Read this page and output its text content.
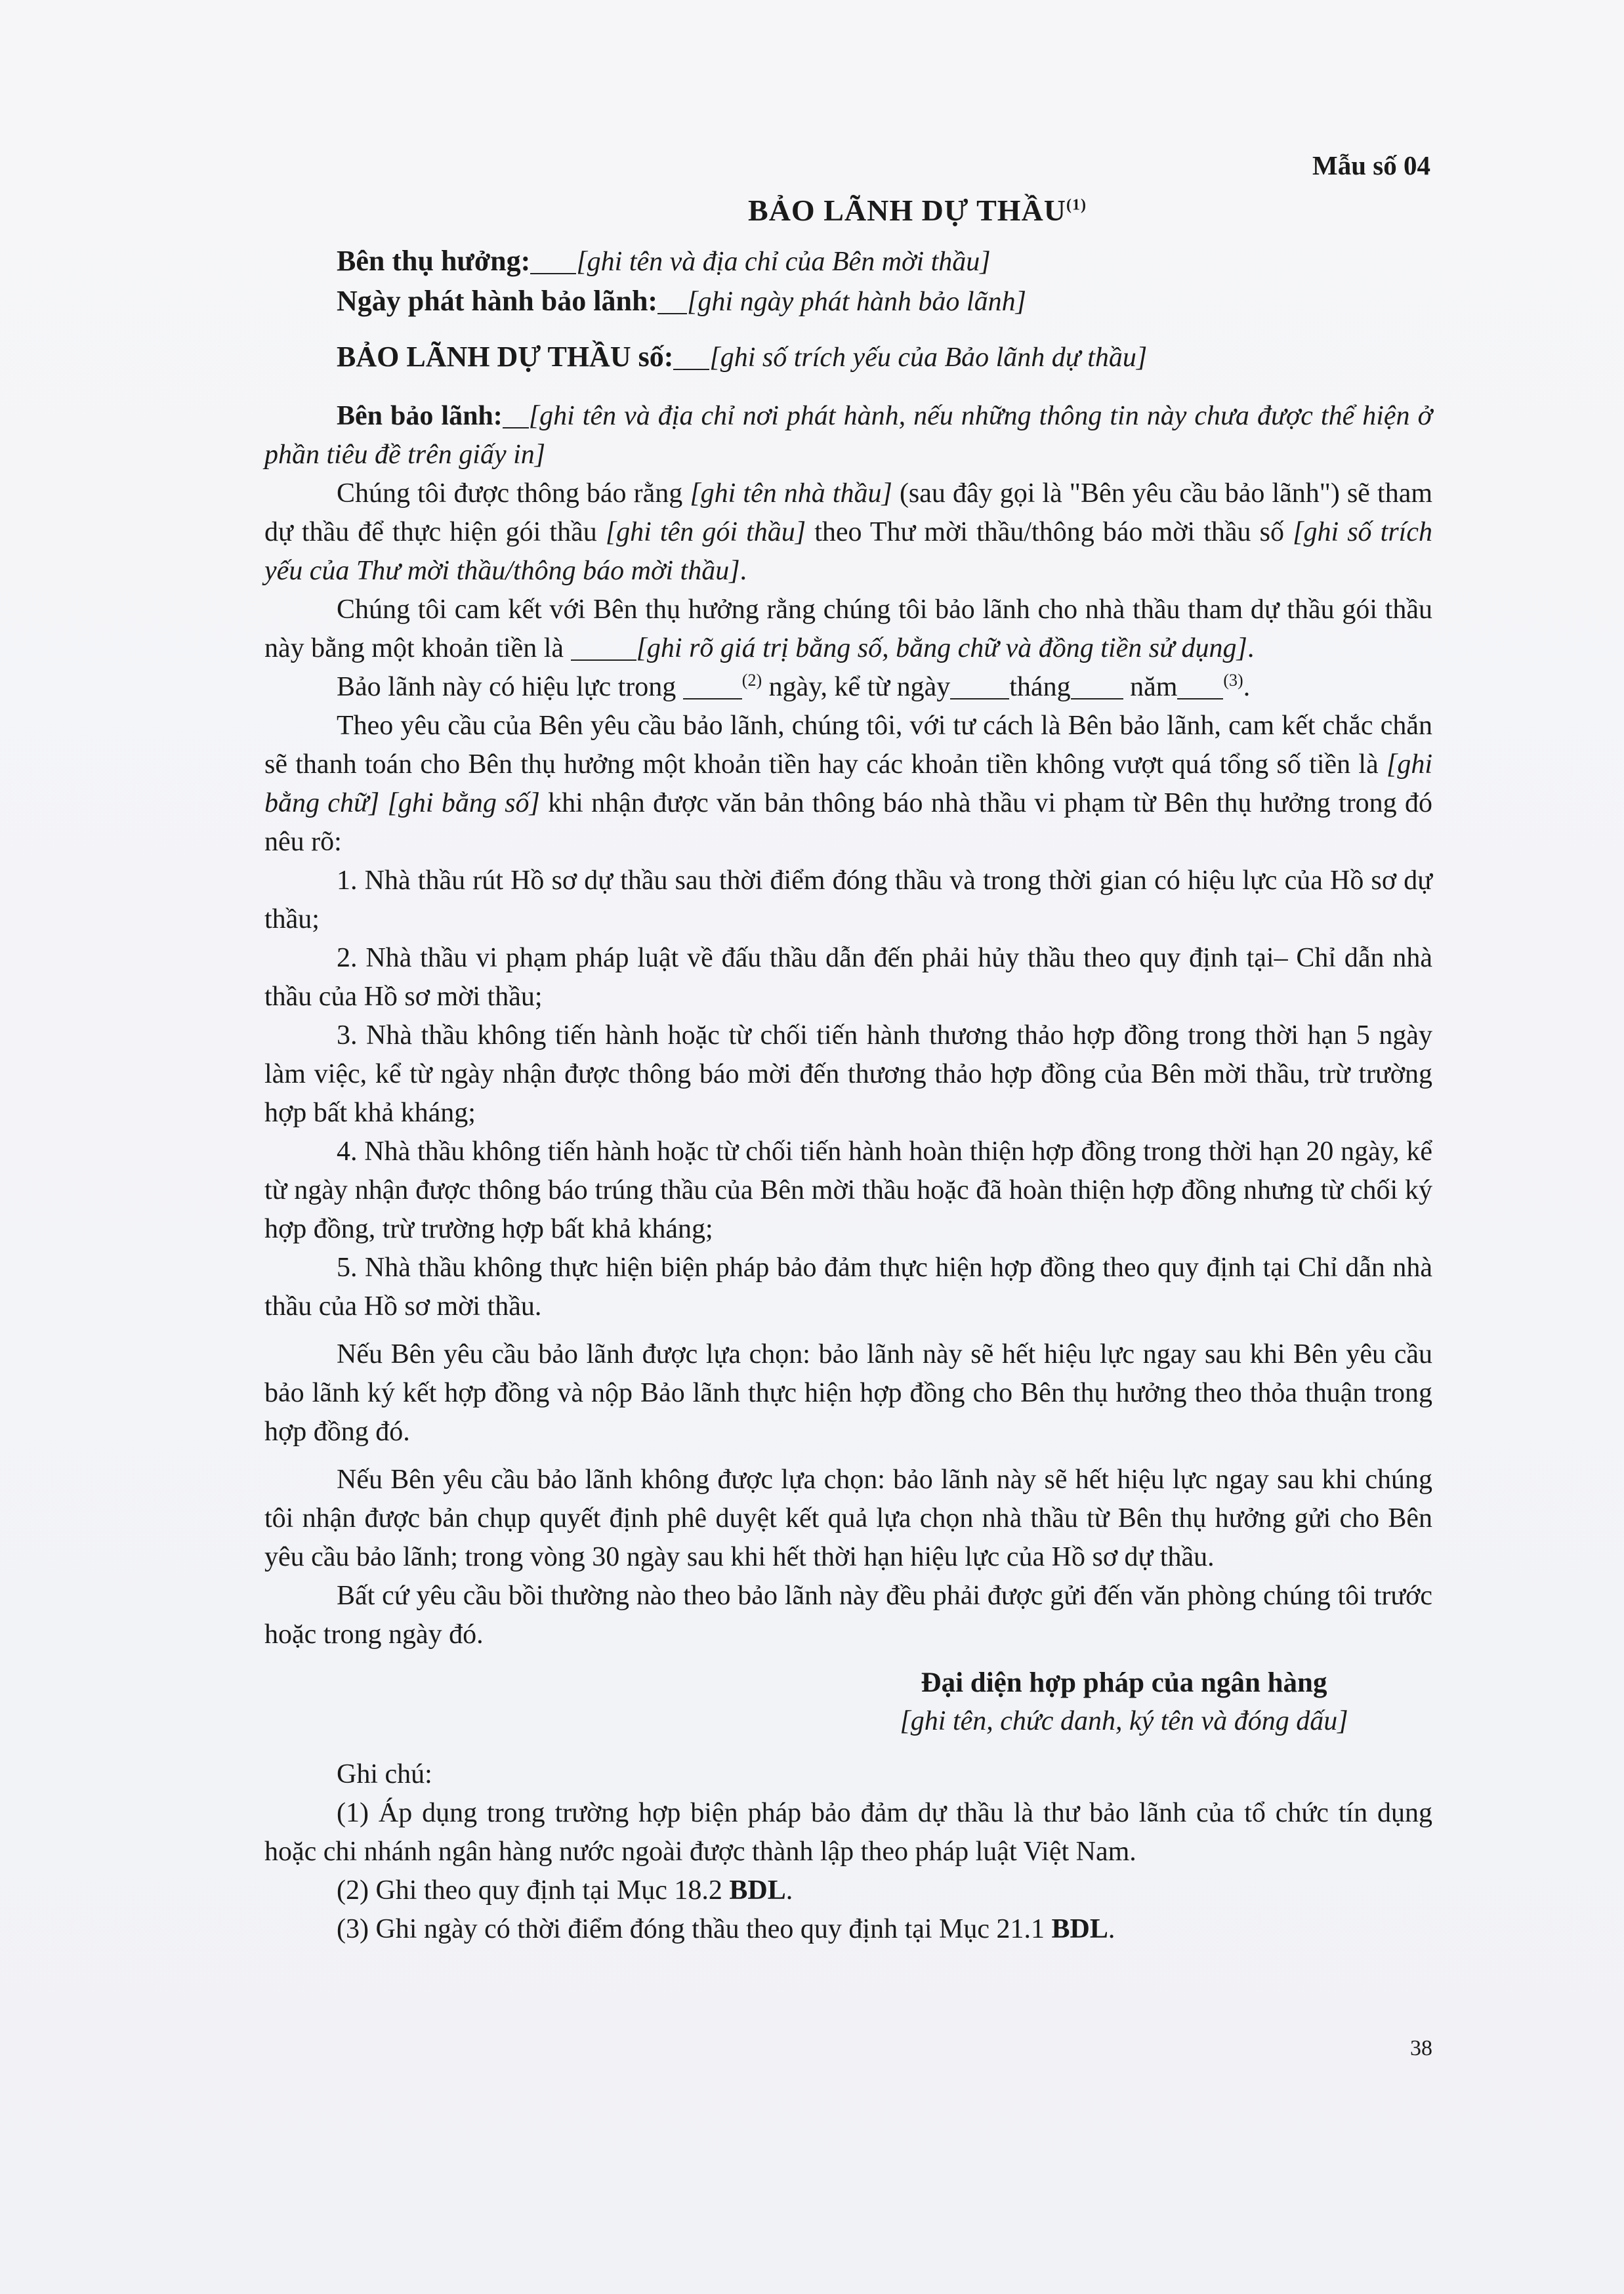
Mẫu số 04
BẢO LÃNH DỰ THẦU$^{(1)}$

Bên thụ hưởng: [ghi tên và địa chỉ của Bên mời thầu]

Ngày phát hành bảo lãnh: [ghi ngày phát hành bảo lãnh]

BẢO LÃNH DỰ THẦU số: [ghi số trích yếu của Bảo lãnh dự thầu]

Bên bảo lãnh: [ghi tên và địa chỉ nơi phát hành, nếu những thông tin này chưa được thể hiện ở phần tiêu đề trên giấy in]

Chúng tôi được thông báo rằng [ghi tên nhà thầu] (sau đây gọi là "Bên yêu cầu bảo lãnh") sẽ tham dự thầu để thực hiện gói thầu [ghi tên gói thầu] theo Thư mời thầu/thông báo mời thầu số [ghi số trích yếu của Thư mời thầu/thông báo mời thầu].

Chúng tôi cam kết với Bên thụ hưởng rằng chúng tôi bảo lãnh cho nhà thầu tham dự thầu gói thầu này bằng một khoản tiền là [ghi rõ giá trị bằng số, bằng chữ và đồng tiền sử dụng].

Bảo lãnh này có hiệu lực trong	$^{(2)}$ ngày, kể từ ngày tháng năm	$^{(3)}$.

Theo yêu cầu của Bên yêu cầu bảo lãnh, chúng tôi, với tư cách là Bên bảo lãnh, cam kết chắc chắn sẽ thanh toán cho Bên thụ hưởng một khoản tiền hay các khoản tiền không vượt quá tổng số tiền là [ghi bằng chữ] [ghi bằng số] khi nhận được văn bản thông báo nhà thầu vi phạm từ Bên thụ hưởng trong đó nêu rõ:

1. Nhà thầu rút Hồ sơ dự thầu sau thời điểm đóng thầu và trong thời gian có hiệu lực của Hồ sơ dự thầu;

2. Nhà thầu vi phạm pháp luật về đấu thầu dẫn đến phải hủy thầu theo quy định tại– Chỉ dẫn nhà thầu của Hồ sơ mời thầu;

3. Nhà thầu không tiến hành hoặc từ chối tiến hành thương thảo hợp đồng trong thời hạn 5 ngày làm việc, kể từ ngày nhận được thông báo mời đến thương thảo hợp đồng của Bên mời thầu, trừ trường hợp bất khả kháng;

4. Nhà thầu không tiến hành hoặc từ chối tiến hành hoàn thiện hợp đồng trong thời hạn 20 ngày, kể từ ngày nhận được thông báo trúng thầu của Bên mời thầu hoặc đã hoàn thiện hợp đồng nhưng từ chối ký hợp đồng, trừ trường hợp bất khả kháng;

5. Nhà thầu không thực hiện biện pháp bảo đảm thực hiện hợp đồng theo quy định tại Chỉ dẫn nhà thầu của Hồ sơ mời thầu.

Nếu Bên yêu cầu bảo lãnh được lựa chọn: bảo lãnh này sẽ hết hiệu lực ngay sau khi Bên yêu cầu bảo lãnh ký kết hợp đồng và nộp Bảo lãnh thực hiện hợp đồng cho Bên thụ hưởng theo thỏa thuận trong hợp đồng đó.

Nếu Bên yêu cầu bảo lãnh không được lựa chọn: bảo lãnh này sẽ hết hiệu lực ngay sau khi chúng tôi nhận được bản chụp quyết định phê duyệt kết quả lựa chọn nhà thầu từ Bên thụ hưởng gửi cho Bên yêu cầu bảo lãnh; trong vòng 30 ngày sau khi hết thời hạn hiệu lực của Hồ sơ dự thầu.

Bất cứ yêu cầu bồi thường nào theo bảo lãnh này đều phải được gửi đến văn phòng chúng tôi trước hoặc trong ngày đó.

Đại diện hợp pháp của ngân hàng
[ghi tên, chức danh, ký tên và đóng dấu]

Ghi chú:

(1) Áp dụng trong trường hợp biện pháp bảo đảm dự thầu là thư bảo lãnh của tổ chức tín dụng hoặc chi nhánh ngân hàng nước ngoài được thành lập theo pháp luật Việt Nam.

(2) Ghi theo quy định tại Mục 18.2 BDL.

(3) Ghi ngày có thời điểm đóng thầu theo quy định tại Mục 21.1 BDL.

38
